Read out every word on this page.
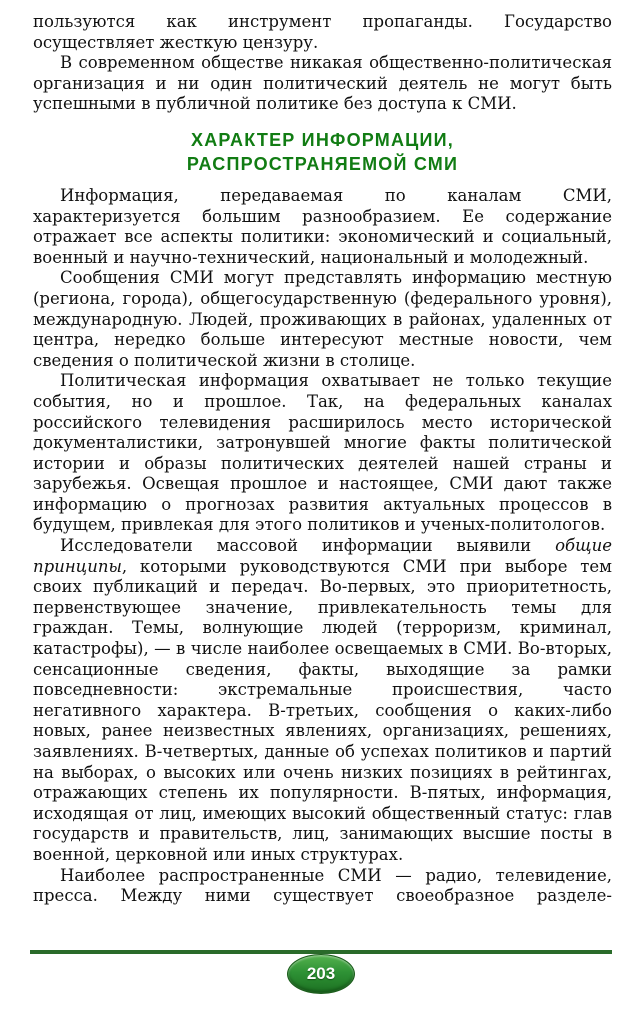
пользуются как инструмент пропаганды. Государство осуществляет жесткую цензуру.

В современном обществе никакая общественно-политическая организация и ни один политический деятель не могут быть успешными в публичной политике без доступа к СМИ.

ХАРАКТЕР ИНФОРМАЦИИ,
РАСПРОСТРАНЯЕМОЙ СМИ

Информация, передаваемая по каналам СМИ, характеризуется большим разнообразием. Ее содержание отражает все аспекты политики: экономический и социальный, военный и научно-технический, национальный и молодежный.

Сообщения СМИ могут представлять информацию местную (региона, города), общегосударственную (федерального уровня), международную. Людей, проживающих в районах, удаленных от центра, нередко больше интересуют местные новости, чем сведения о политической жизни в столице.

Политическая информация охватывает не только текущие события, но и прошлое. Так, на федеральных каналах российского телевидения расширилось место исторической документалистики, затронувшей многие факты политической истории и образы политических деятелей нашей страны и зарубежья. Освещая прошлое и настоящее, СМИ дают также информацию о прогнозах развития актуальных процессов в будущем, привлекая для этого политиков и ученых-политологов.

Исследователи массовой информации выявили общие принципы, которыми руководствуются СМИ при выборе тем своих публикаций и передач. Во-первых, это приоритетность, первенствующее значение, привлекательность темы для граждан. Темы, волнующие людей (терроризм, криминал, катастрофы), — в числе наиболее освещаемых в СМИ. Во-вторых, сенсационные сведения, факты, выходящие за рамки повседневности: экстремальные происшествия, часто негативного характера. В-третьих, сообщения о каких-либо новых, ранее неизвестных явлениях, организациях, решениях, заявлениях. В-четвертых, данные об успехах политиков и партий на выборах, о высоких или очень низких позициях в рейтингах, отражающих степень их популярности. В-пятых, информация, исходящая от лиц, имеющих высокий общественный статус: глав государств и правительств, лиц, занимающих высшие посты в военной, церковной или иных структурах.

Наиболее распространенные СМИ — радио, телевидение, пресса. Между ними существует своеобразное разделе-

203
